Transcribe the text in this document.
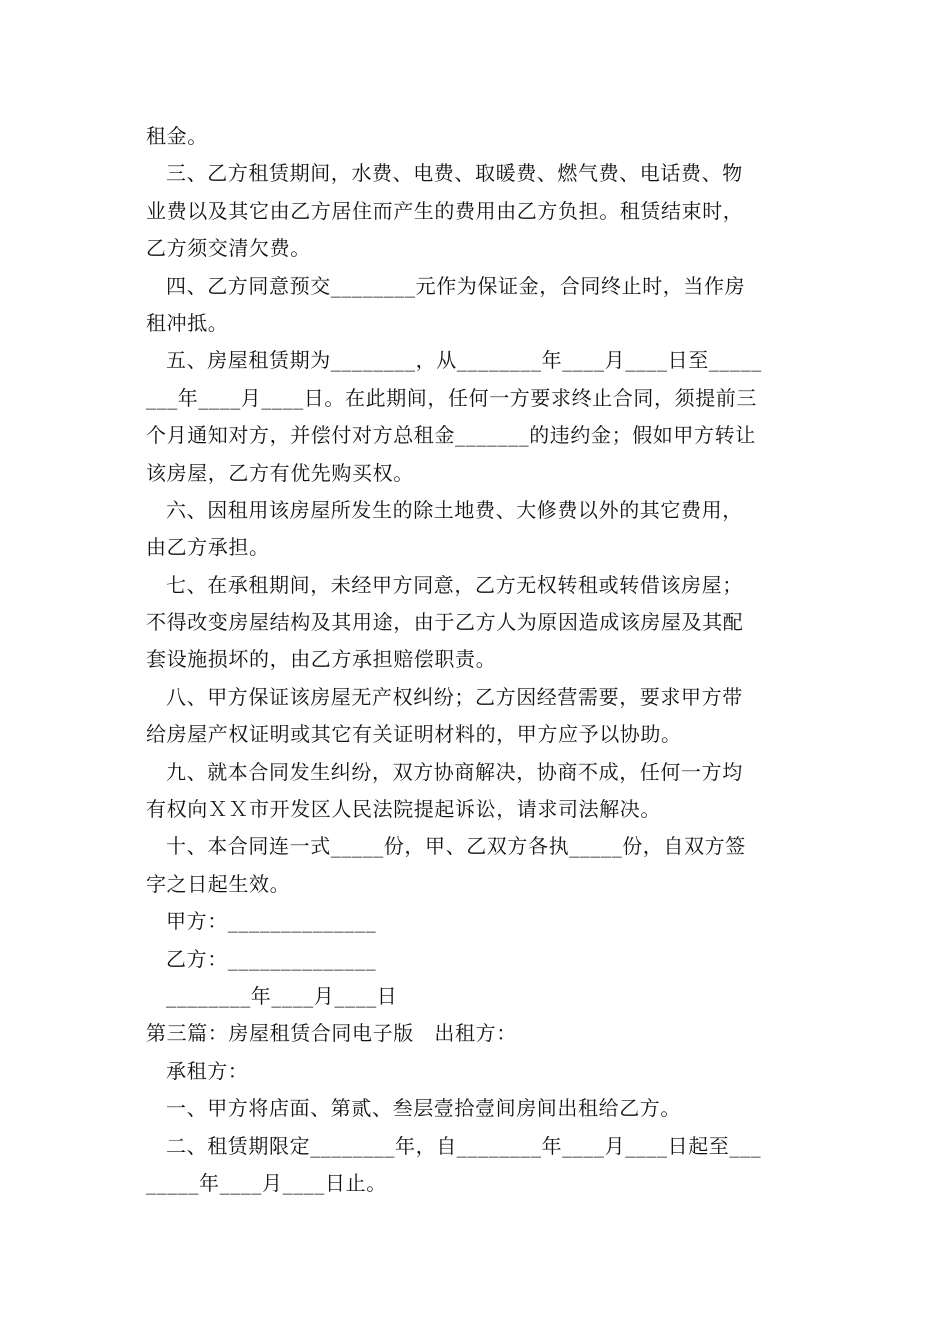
租金。
三、乙方租赁期间，水费、电费、取暖费、燃气费、电话费、物
业费以及其它由乙方居住而产生的费用由乙方负担。租赁结束时，
乙方须交清欠费。
四、乙方同意预交________元作为保证金，合同终止时，当作房
租冲抵。
五、房屋租赁期为________，从________年____月____日至_____
___年____月____日。在此期间，任何一方要求终止合同，须提前三
个月通知对方，并偿付对方总租金_______的违约金；假如甲方转让
该房屋，乙方有优先购买权。
六、因租用该房屋所发生的除土地费、大修费以外的其它费用，
由乙方承担。
七、在承租期间，未经甲方同意，乙方无权转租或转借该房屋；
不得改变房屋结构及其用途，由于乙方人为原因造成该房屋及其配
套设施损坏的，由乙方承担赔偿职责。
八、甲方保证该房屋无产权纠纷；乙方因经营需要，要求甲方带
给房屋产权证明或其它有关证明材料的，甲方应予以协助。
九、就本合同发生纠纷，双方协商解决，协商不成，任何一方均
有权向ＸＸ市开发区人民法院提起诉讼，请求司法解决。
十、本合同连一式_____份，甲、乙双方各执_____份，自双方签
字之日起生效。
甲方：______________
乙方：______________
________年____月____日
第三篇：房屋租赁合同电子版　出租方：
承租方：
一、甲方将店面、第贰、叁层壹拾壹间房间出租给乙方。
二、租赁期限定________年，自________年____月____日起至___
_____年____月____日止。
